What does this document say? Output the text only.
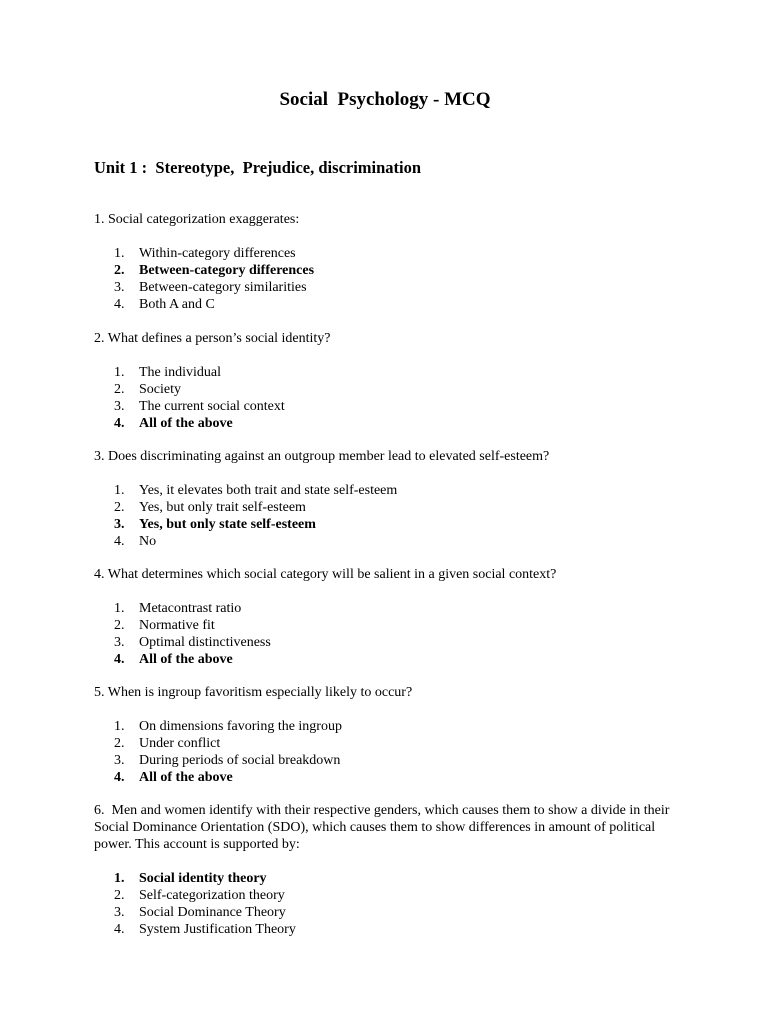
Social  Psychology - MCQ
Unit 1 :  Stereotype,  Prejudice, discrimination
1. Social categorization exaggerates:
1. Within-category differences
2. Between-category differences
3. Between-category similarities
4. Both A and C
2. What defines a person’s social identity?
1. The individual
2. Society
3. The current social context
4. All of the above
3. Does discriminating against an outgroup member lead to elevated self-esteem?
1. Yes, it elevates both trait and state self-esteem
2. Yes, but only trait self-esteem
3. Yes, but only state self-esteem
4. No
4. What determines which social category will be salient in a given social context?
1. Metacontrast ratio
2. Normative fit
3. Optimal distinctiveness
4. All of the above
5. When is ingroup favoritism especially likely to occur?
1. On dimensions favoring the ingroup
2. Under conflict
3. During periods of social breakdown
4. All of the above
6.  Men and women identify with their respective genders, which causes them to show a divide in their Social Dominance Orientation (SDO), which causes them to show differences in amount of political power. This account is supported by:
1. Social identity theory
2. Self-categorization theory
3. Social Dominance Theory
4. System Justification Theory
